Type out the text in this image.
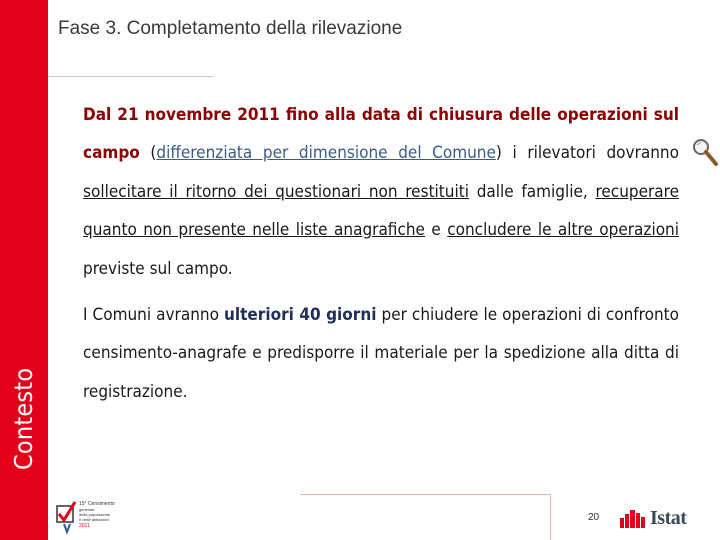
Contesto
Fase 3. Completamento della rilevazione

Dal 21 novembre 2011 fino alla data di chiusura delle operazioni sul campo (differenziata per dimensione del Comune) i rilevatori dovranno sollecitare il ritorno dei questionari non restituiti dalle famiglie, recuperare quanto non presente nelle liste anagrafiche e concludere le altre operazioni previste sul campo.

I Comuni avranno ulteriori 40 giorni per chiudere le operazioni di confronto censimento-anagrafe e predisporre il materiale per la spedizione alla ditta di registrazione.

15° Censimento
generale
della popolazione
e delle abitazioni
2011
20	Istat
